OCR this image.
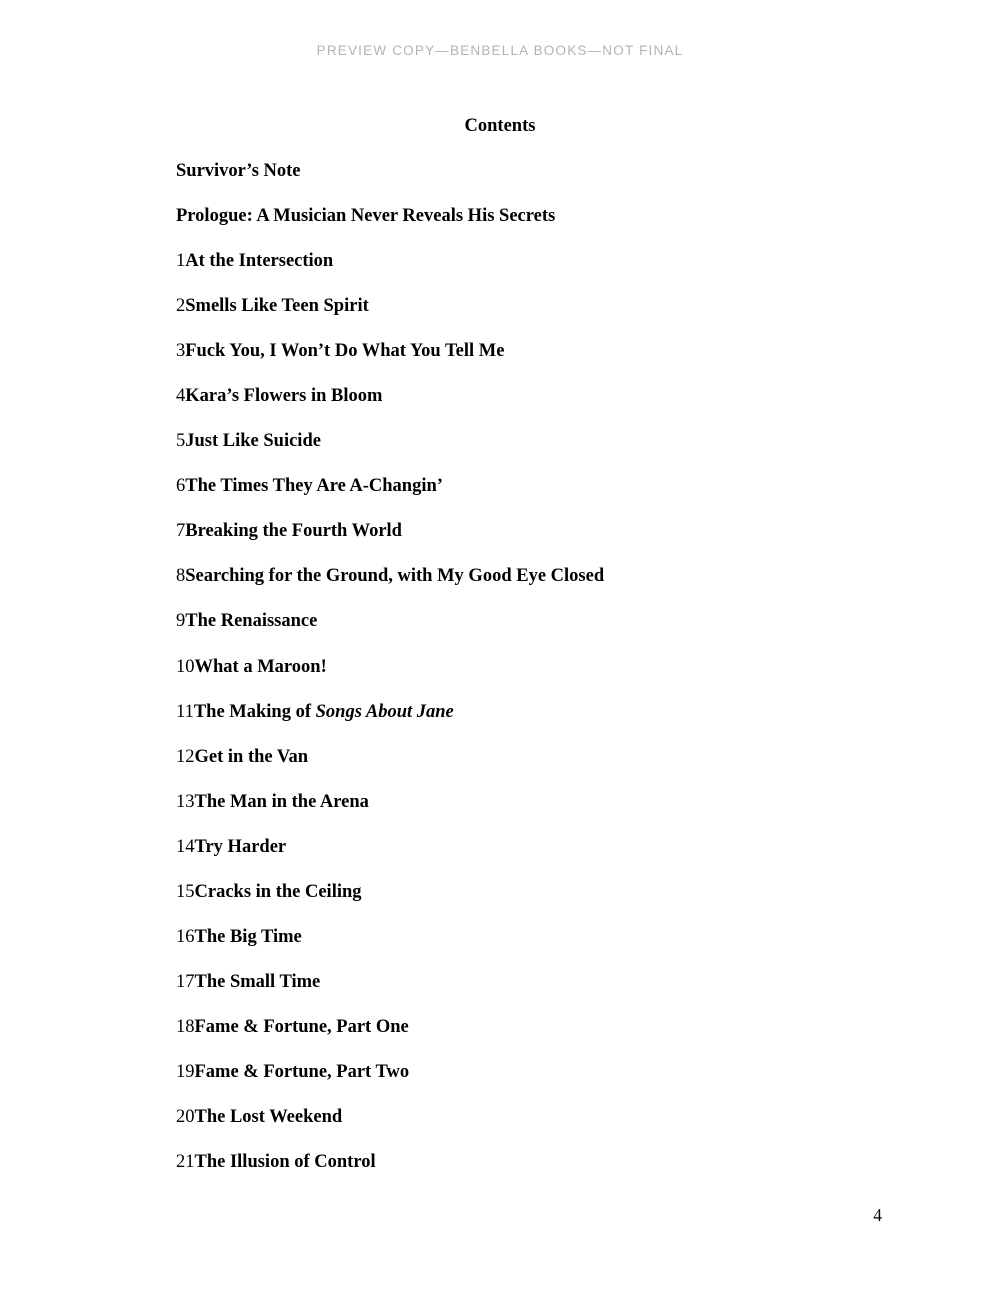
PREVIEW COPY—BENBELLA BOOKS—NOT FINAL
Contents
Survivor’s Note
Prologue: A Musician Never Reveals His Secrets
1At the Intersection
2Smells Like Teen Spirit
3Fuck You, I Won’t Do What You Tell Me
4Kara’s Flowers in Bloom
5Just Like Suicide
6The Times They Are A-Changin’
7Breaking the Fourth World
8Searching for the Ground, with My Good Eye Closed
9The Renaissance
10What a Maroon!
11The Making of Songs About Jane
12Get in the Van
13The Man in the Arena
14Try Harder
15Cracks in the Ceiling
16The Big Time
17The Small Time
18Fame & Fortune, Part One
19Fame & Fortune, Part Two
20The Lost Weekend
21The Illusion of Control
4
